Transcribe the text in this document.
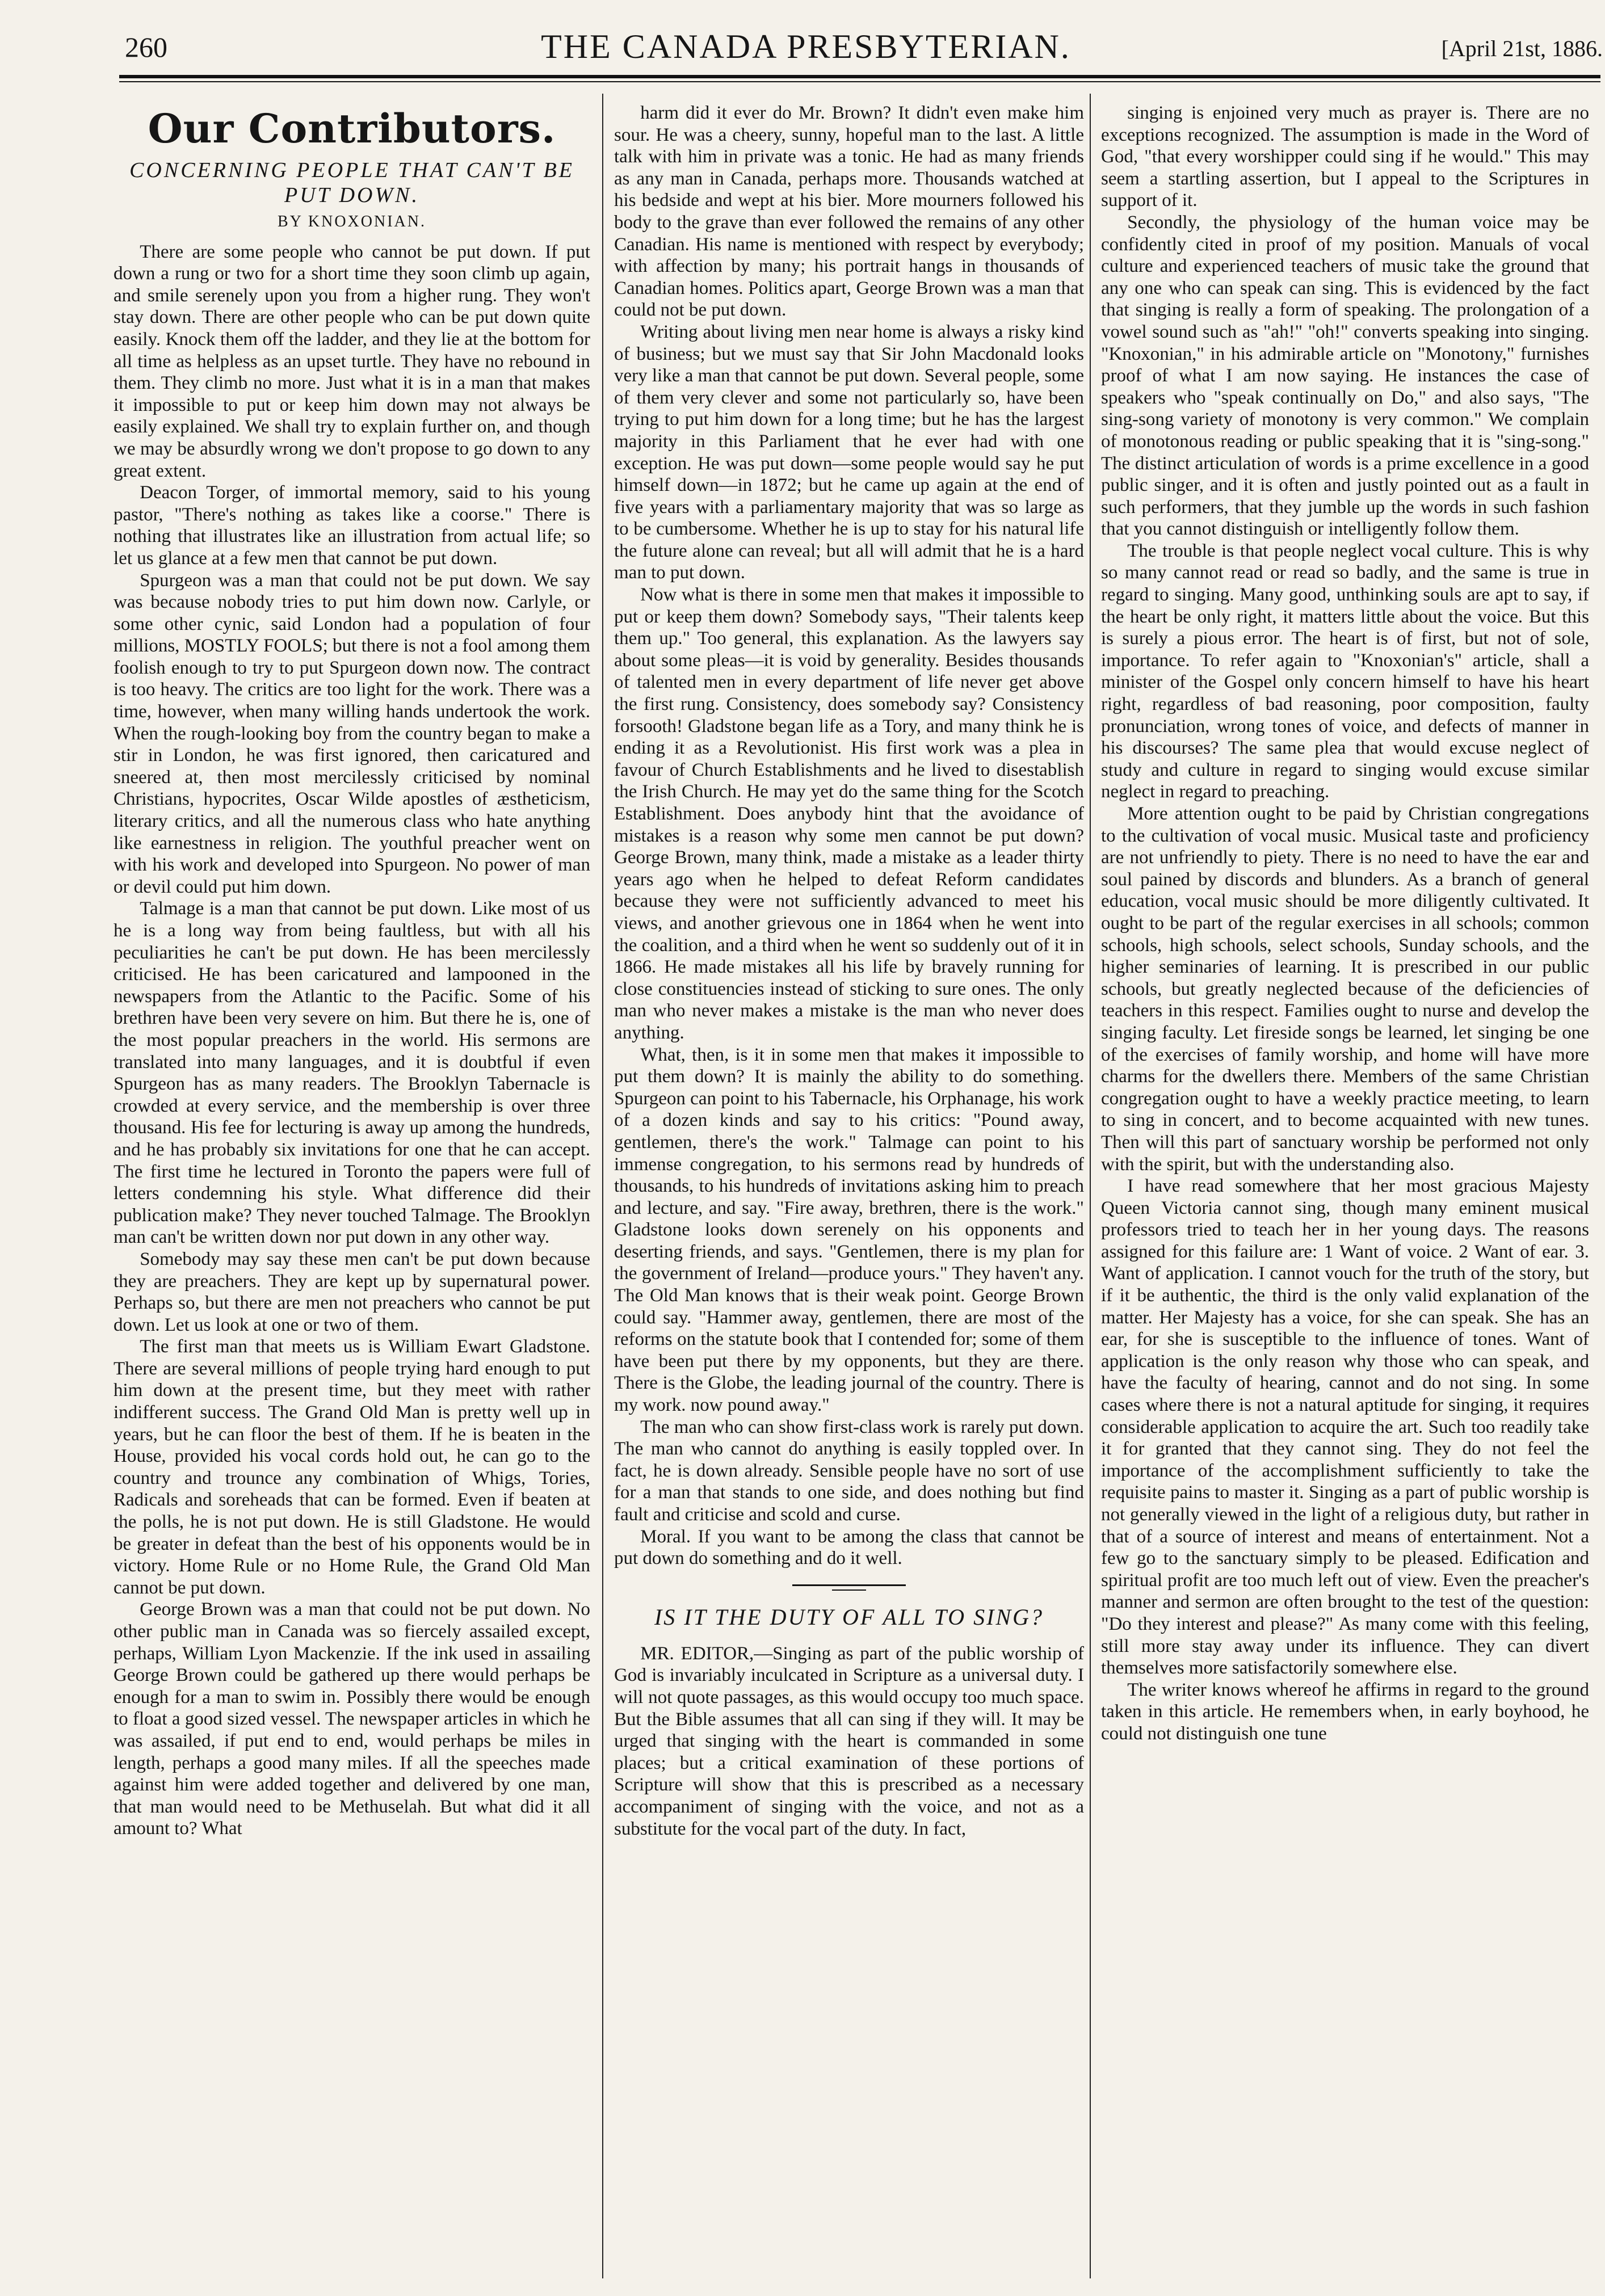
260	THE CANADA PRESBYTERIAN.	[April 21st, 1886.
Our Contributors.
CONCERNING PEOPLE THAT CAN'T BE PUT DOWN.
BY KNOXONIAN.

There are some people who cannot be put down. If put down a rung or two for a short time they soon climb up again, and smile serenely upon you from a higher rung. They won't stay down. There are other people who can be put down quite easily. Knock them off the ladder, and they lie at the bottom for all time as helpless as an upset turtle. They have no rebound in them. They climb no more. Just what it is in a man that makes it impossible to put or keep him down may not always be easily explained. We shall try to explain further on, and though we may be absurdly wrong we don't propose to go down to any great extent.

Deacon Torger, of immortal memory, said to his young pastor, "There's nothing as takes like a coorse." There is nothing that illustrates like an illustration from actual life; so let us glance at a few men that cannot be put down.

Spurgeon was a man that could not be put down. We say was because nobody tries to put him down now. Carlyle, or some other cynic, said London had a population of four millions, MOSTLY FOOLS; but there is not a fool among them foolish enough to try to put Spurgeon down now. The contract is too heavy. The critics are too light for the work. There was a time, however, when many willing hands undertook the work. When the rough-looking boy from the country began to make a stir in London, he was first ignored, then caricatured and sneered at, then most mercilessly criticised by nominal Christians, hypocrites, Oscar Wilde apostles of æstheticism, literary critics, and all the numerous class who hate anything like earnestness in religion. The youthful preacher went on with his work and developed into Spurgeon. No power of man or devil could put him down.

Talmage is a man that cannot be put down. Like most of us he is a long way from being faultless, but with all his peculiarities he can't be put down. He has been mercilessly criticised. He has been caricatured and lampooned in the newspapers from the Atlantic to the Pacific. Some of his brethren have been very severe on him. But there he is, one of the most popular preachers in the world. His sermons are translated into many languages, and it is doubtful if even Spurgeon has as many readers. The Brooklyn Tabernacle is crowded at every service, and the membership is over three thousand. His fee for lecturing is away up among the hundreds, and he has probably six invitations for one that he can accept. The first time he lectured in Toronto the papers were full of letters condemning his style. What difference did their publication make? They never touched Talmage. The Brooklyn man can't be written down nor put down in any other way.

Somebody may say these men can't be put down because they are preachers. They are kept up by supernatural power. Perhaps so, but there are men not preachers who cannot be put down. Let us look at one or two of them.

The first man that meets us is William Ewart Gladstone. There are several millions of people trying hard enough to put him down at the present time, but they meet with rather indifferent success. The Grand Old Man is pretty well up in years, but he can floor the best of them. If he is beaten in the House, provided his vocal cords hold out, he can go to the country and trounce any combination of Whigs, Tories, Radicals and soreheads that can be formed. Even if beaten at the polls, he is not put down. He is still Gladstone. He would be greater in defeat than the best of his opponents would be in victory. Home Rule or no Home Rule, the Grand Old Man cannot be put down.

George Brown was a man that could not be put down. No other public man in Canada was so fiercely assailed except, perhaps, William Lyon Mackenzie. If the ink used in assailing George Brown could be gathered up there would perhaps be enough for a man to swim in. Possibly there would be enough to float a good sized vessel. The newspaper articles in which he was assailed, if put end to end, would perhaps be miles in length, perhaps a good many miles. If all the speeches made against him were added together and delivered by one man, that man would need to be Methuselah. But what did it all amount to? What

harm did it ever do Mr. Brown? It didn't even make him sour. He was a cheery, sunny, hopeful man to the last. A little talk with him in private was a tonic. He had as many friends as any man in Canada, perhaps more. Thousands watched at his bedside and wept at his bier. More mourners followed his body to the grave than ever followed the remains of any other Canadian. His name is mentioned with respect by everybody; with affection by many; his portrait hangs in thousands of Canadian homes. Politics apart, George Brown was a man that could not be put down.

Writing about living men near home is always a risky kind of business; but we must say that Sir John Macdonald looks very like a man that cannot be put down. Several people, some of them very clever and some not particularly so, have been trying to put him down for a long time; but he has the largest majority in this Parliament that he ever had with one exception. He was put down—some people would say he put himself down—in 1872; but he came up again at the end of five years with a parliamentary majority that was so large as to be cumbersome. Whether he is up to stay for his natural life the future alone can reveal; but all will admit that he is a hard man to put down.

Now what is there in some men that makes it impossible to put or keep them down? Somebody says, "Their talents keep them up." Too general, this explanation. As the lawyers say about some pleas—it is void by generality. Besides thousands of talented men in every department of life never get above the first rung. Consistency, does somebody say? Consistency forsooth! Gladstone began life as a Tory, and many think he is ending it as a Revolutionist. His first work was a plea in favour of Church Establishments and he lived to disestablish the Irish Church. He may yet do the same thing for the Scotch Establishment. Does anybody hint that the avoidance of mistakes is a reason why some men cannot be put down? George Brown, many think, made a mistake as a leader thirty years ago when he helped to defeat Reform candidates because they were not sufficiently advanced to meet his views, and another grievous one in 1864 when he went into the coalition, and a third when he went so suddenly out of it in 1866. He made mistakes all his life by bravely running for close constituencies instead of sticking to sure ones. The only man who never makes a mistake is the man who never does anything.

What, then, is it in some men that makes it impossible to put them down? It is mainly the ability to do something. Spurgeon can point to his Tabernacle, his Orphanage, his work of a dozen kinds and say to his critics: "Pound away, gentlemen, there's the work." Talmage can point to his immense congregation, to his sermons read by hundreds of thousands, to his hundreds of invitations asking him to preach and lecture, and say. "Fire away, brethren, there is the work." Gladstone looks down serenely on his opponents and deserting friends, and says. "Gentlemen, there is my plan for the government of Ireland—produce yours." They haven't any. The Old Man knows that is their weak point. George Brown could say. "Hammer away, gentlemen, there are most of the reforms on the statute book that I contended for; some of them have been put there by my opponents, but they are there. There is the Globe, the leading journal of the country. There is my work. now pound away."

The man who can show first-class work is rarely put down. The man who cannot do anything is easily toppled over. In fact, he is down already. Sensible people have no sort of use for a man that stands to one side, and does nothing but find fault and criticise and scold and curse.

Moral. If you want to be among the class that cannot be put down do something and do it well.

IS IT THE DUTY OF ALL TO SING?

MR. EDITOR,—Singing as part of the public worship of God is invariably inculcated in Scripture as a universal duty. I will not quote passages, as this would occupy too much space. But the Bible assumes that all can sing if they will. It may be urged that singing with the heart is commanded in some places; but a critical examination of these portions of Scripture will show that this is prescribed as a necessary accompaniment of singing with the voice, and not as a substitute for the vocal part of the duty. In fact,

singing is enjoined very much as prayer is. There are no exceptions recognized. The assumption is made in the Word of God, "that every worshipper could sing if he would." This may seem a startling assertion, but I appeal to the Scriptures in support of it.

Secondly, the physiology of the human voice may be confidently cited in proof of my position. Manuals of vocal culture and experienced teachers of music take the ground that any one who can speak can sing. This is evidenced by the fact that singing is really a form of speaking. The prolongation of a vowel sound such as "ah!" "oh!" converts speaking into singing. "Knoxonian," in his admirable article on "Monotony," furnishes proof of what I am now saying. He instances the case of speakers who "speak continually on Do," and also says, "The sing-song variety of monotony is very common." We complain of monotonous reading or public speaking that it is "sing-song." The distinct articulation of words is a prime excellence in a good public singer, and it is often and justly pointed out as a fault in such performers, that they jumble up the words in such fashion that you cannot distinguish or intelligently follow them.

The trouble is that people neglect vocal culture. This is why so many cannot read or read so badly, and the same is true in regard to singing. Many good, unthinking souls are apt to say, if the heart be only right, it matters little about the voice. But this is surely a pious error. The heart is of first, but not of sole, importance. To refer again to "Knoxonian's" article, shall a minister of the Gospel only concern himself to have his heart right, regardless of bad reasoning, poor composition, faulty pronunciation, wrong tones of voice, and defects of manner in his discourses? The same plea that would excuse neglect of study and culture in regard to singing would excuse similar neglect in regard to preaching.

More attention ought to be paid by Christian congregations to the cultivation of vocal music. Musical taste and proficiency are not unfriendly to piety. There is no need to have the ear and soul pained by discords and blunders. As a branch of general education, vocal music should be more diligently cultivated. It ought to be part of the regular exercises in all schools; common schools, high schools, select schools, Sunday schools, and the higher seminaries of learning. It is prescribed in our public schools, but greatly neglected because of the deficiencies of teachers in this respect. Families ought to nurse and develop the singing faculty. Let fireside songs be learned, let singing be one of the exercises of family worship, and home will have more charms for the dwellers there. Members of the same Christian congregation ought to have a weekly practice meeting, to learn to sing in concert, and to become acquainted with new tunes. Then will this part of sanctuary worship be performed not only with the spirit, but with the understanding also.

I have read somewhere that her most gracious Majesty Queen Victoria cannot sing, though many eminent musical professors tried to teach her in her young days. The reasons assigned for this failure are: 1 Want of voice. 2 Want of ear. 3. Want of application. I cannot vouch for the truth of the story, but if it be authentic, the third is the only valid explanation of the matter. Her Majesty has a voice, for she can speak. She has an ear, for she is susceptible to the influence of tones. Want of application is the only reason why those who can speak, and have the faculty of hearing, cannot and do not sing. In some cases where there is not a natural aptitude for singing, it requires considerable application to acquire the art. Such too readily take it for granted that they cannot sing. They do not feel the importance of the accomplishment sufficiently to take the requisite pains to master it. Singing as a part of public worship is not generally viewed in the light of a religious duty, but rather in that of a source of interest and means of entertainment. Not a few go to the sanctuary simply to be pleased. Edification and spiritual profit are too much left out of view. Even the preacher's manner and sermon are often brought to the test of the question: "Do they interest and please?" As many come with this feeling, still more stay away under its influence. They can divert themselves more satisfactorily somewhere else.

The writer knows whereof he affirms in regard to the ground taken in this article. He remembers when, in early boyhood, he could not distinguish one tune
